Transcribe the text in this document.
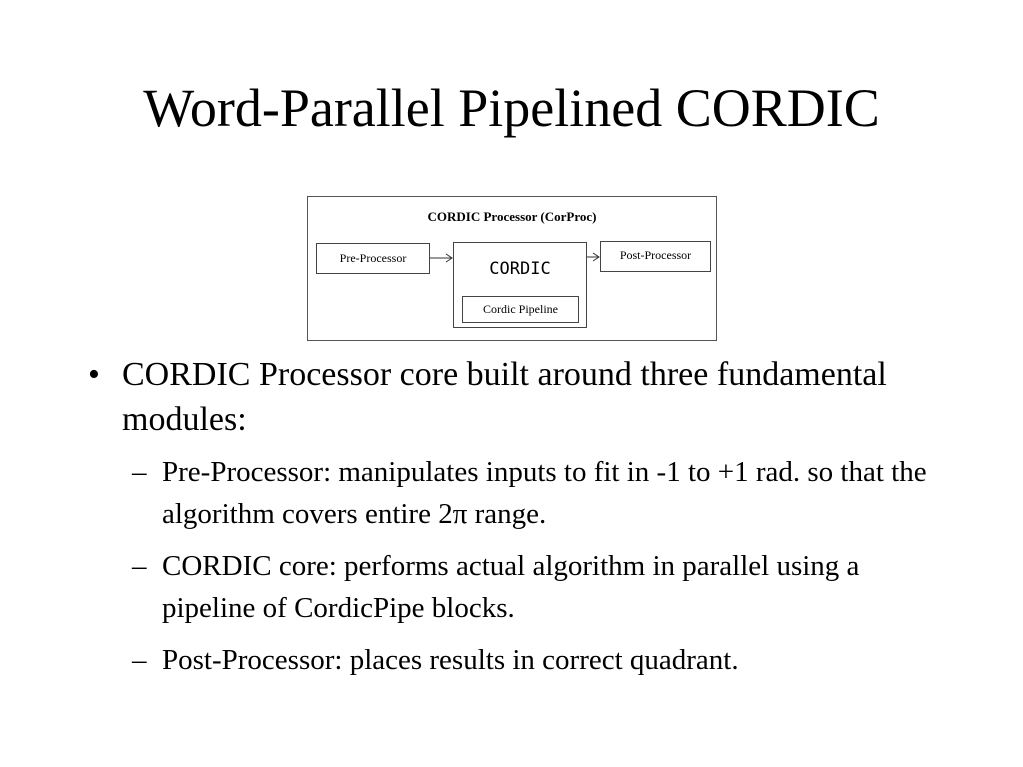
Word-Parallel Pipelined CORDIC
CORDIC Processor (CorProc)
Pre-Processor
CORDIC
Cordic Pipeline
Post-Processor
• CORDIC Processor core built around three fundamental modules:
– Pre-Processor: manipulates inputs to fit in -1 to +1 rad. so that the algorithm covers entire 2π range.
– CORDIC core: performs actual algorithm in parallel using a pipeline of CordicPipe blocks.
– Post-Processor: places results in correct quadrant.
